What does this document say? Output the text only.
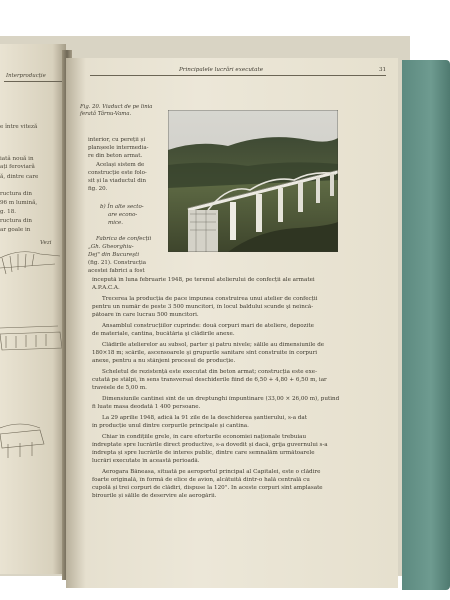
Interproducție
e între viteză
iatâ nouă in
ați feroviară
ă, dintre care
ructura din
96 m lumină,
g. 18.
ructura din
ar goale in
Vezi
Principalele lucrări executate	31
Fig. 20. Viaduct de pe linia ferată Târnu-Vama.
interior, cu pereții și
planșeele intermedia-
re din beton armat.
Același sistem de
construcție este folo-
sit și la viaductul din
fig. 20.
b) În alte secto-
are econo-
mice.
Fabrica de confecții
„Gh. Gheorghiu-
Dej" din Bucureşti
(fig. 21). Construcția
acestei fabrici a fost
începută în luna februarie 1948, pe terenul atelierului de confecții ale armatei
A.P.A.C.A.
Trecerea la producția de pace impunea construirea unui atelier de confecții
pentru un număr de peste 3 500 muncitori, în locul baldului scunde şi neîncă-
pătoare în care lucrau 500 muncitori.
Ansamblul construcțiilor cuprinde: două corpuri mari de ateliere, depozite
de materiale, cantina, bucătăria şi clădirile anexe.
Clădirile atelierelor au subsol, parter şi patru nivele; sălile au dimensiunile de
180×18 m; scările, ascensoarele şi grupurile sanitare sînt construite în corpuri
anexe, pentru a nu stânjeni procesul de producție.
Scheletul de rezistență este executat din beton armat; construcția este exe-
cutată pe stâlpi, în sens transversal deschiderile fiind de 6,50 + 4,80 + 6,50 m, iar
travéele de 5,00 m.
Dimensiunile cantinei sînt de un dreptunghi împuntinare (33,00 × 26,00 m), putînd
fi luate masa deodată 1 400 persoane.
La 29 aprilie 1948, adică la 91 zile de la deschiderea șantierului, s-a dat
în producție unul dintre corpurile principale și cantina.
Chiar în condițiile grele, în care eforturile economiei naționale trebuiau
îndreptate spre lucrările direct productive, s-a dovedit și dacă, grija guvernului s-a
îndrepta și spre lucrările de interes public, dintre care semnalăm următoarele
lucrări executate în această perioadă.
Aerogara Băneasa, situată pe aeroportul principal al Capitalei, este o clădire
foarte originală, în formă de elice de avion, alcătuită dintr-o hală centrală cu
cupolă și trei corpuri de clădiri, dispuse la 120°. În aceste corpuri sînt amplasate
birourile și sălile de deservire ale aerogării.
